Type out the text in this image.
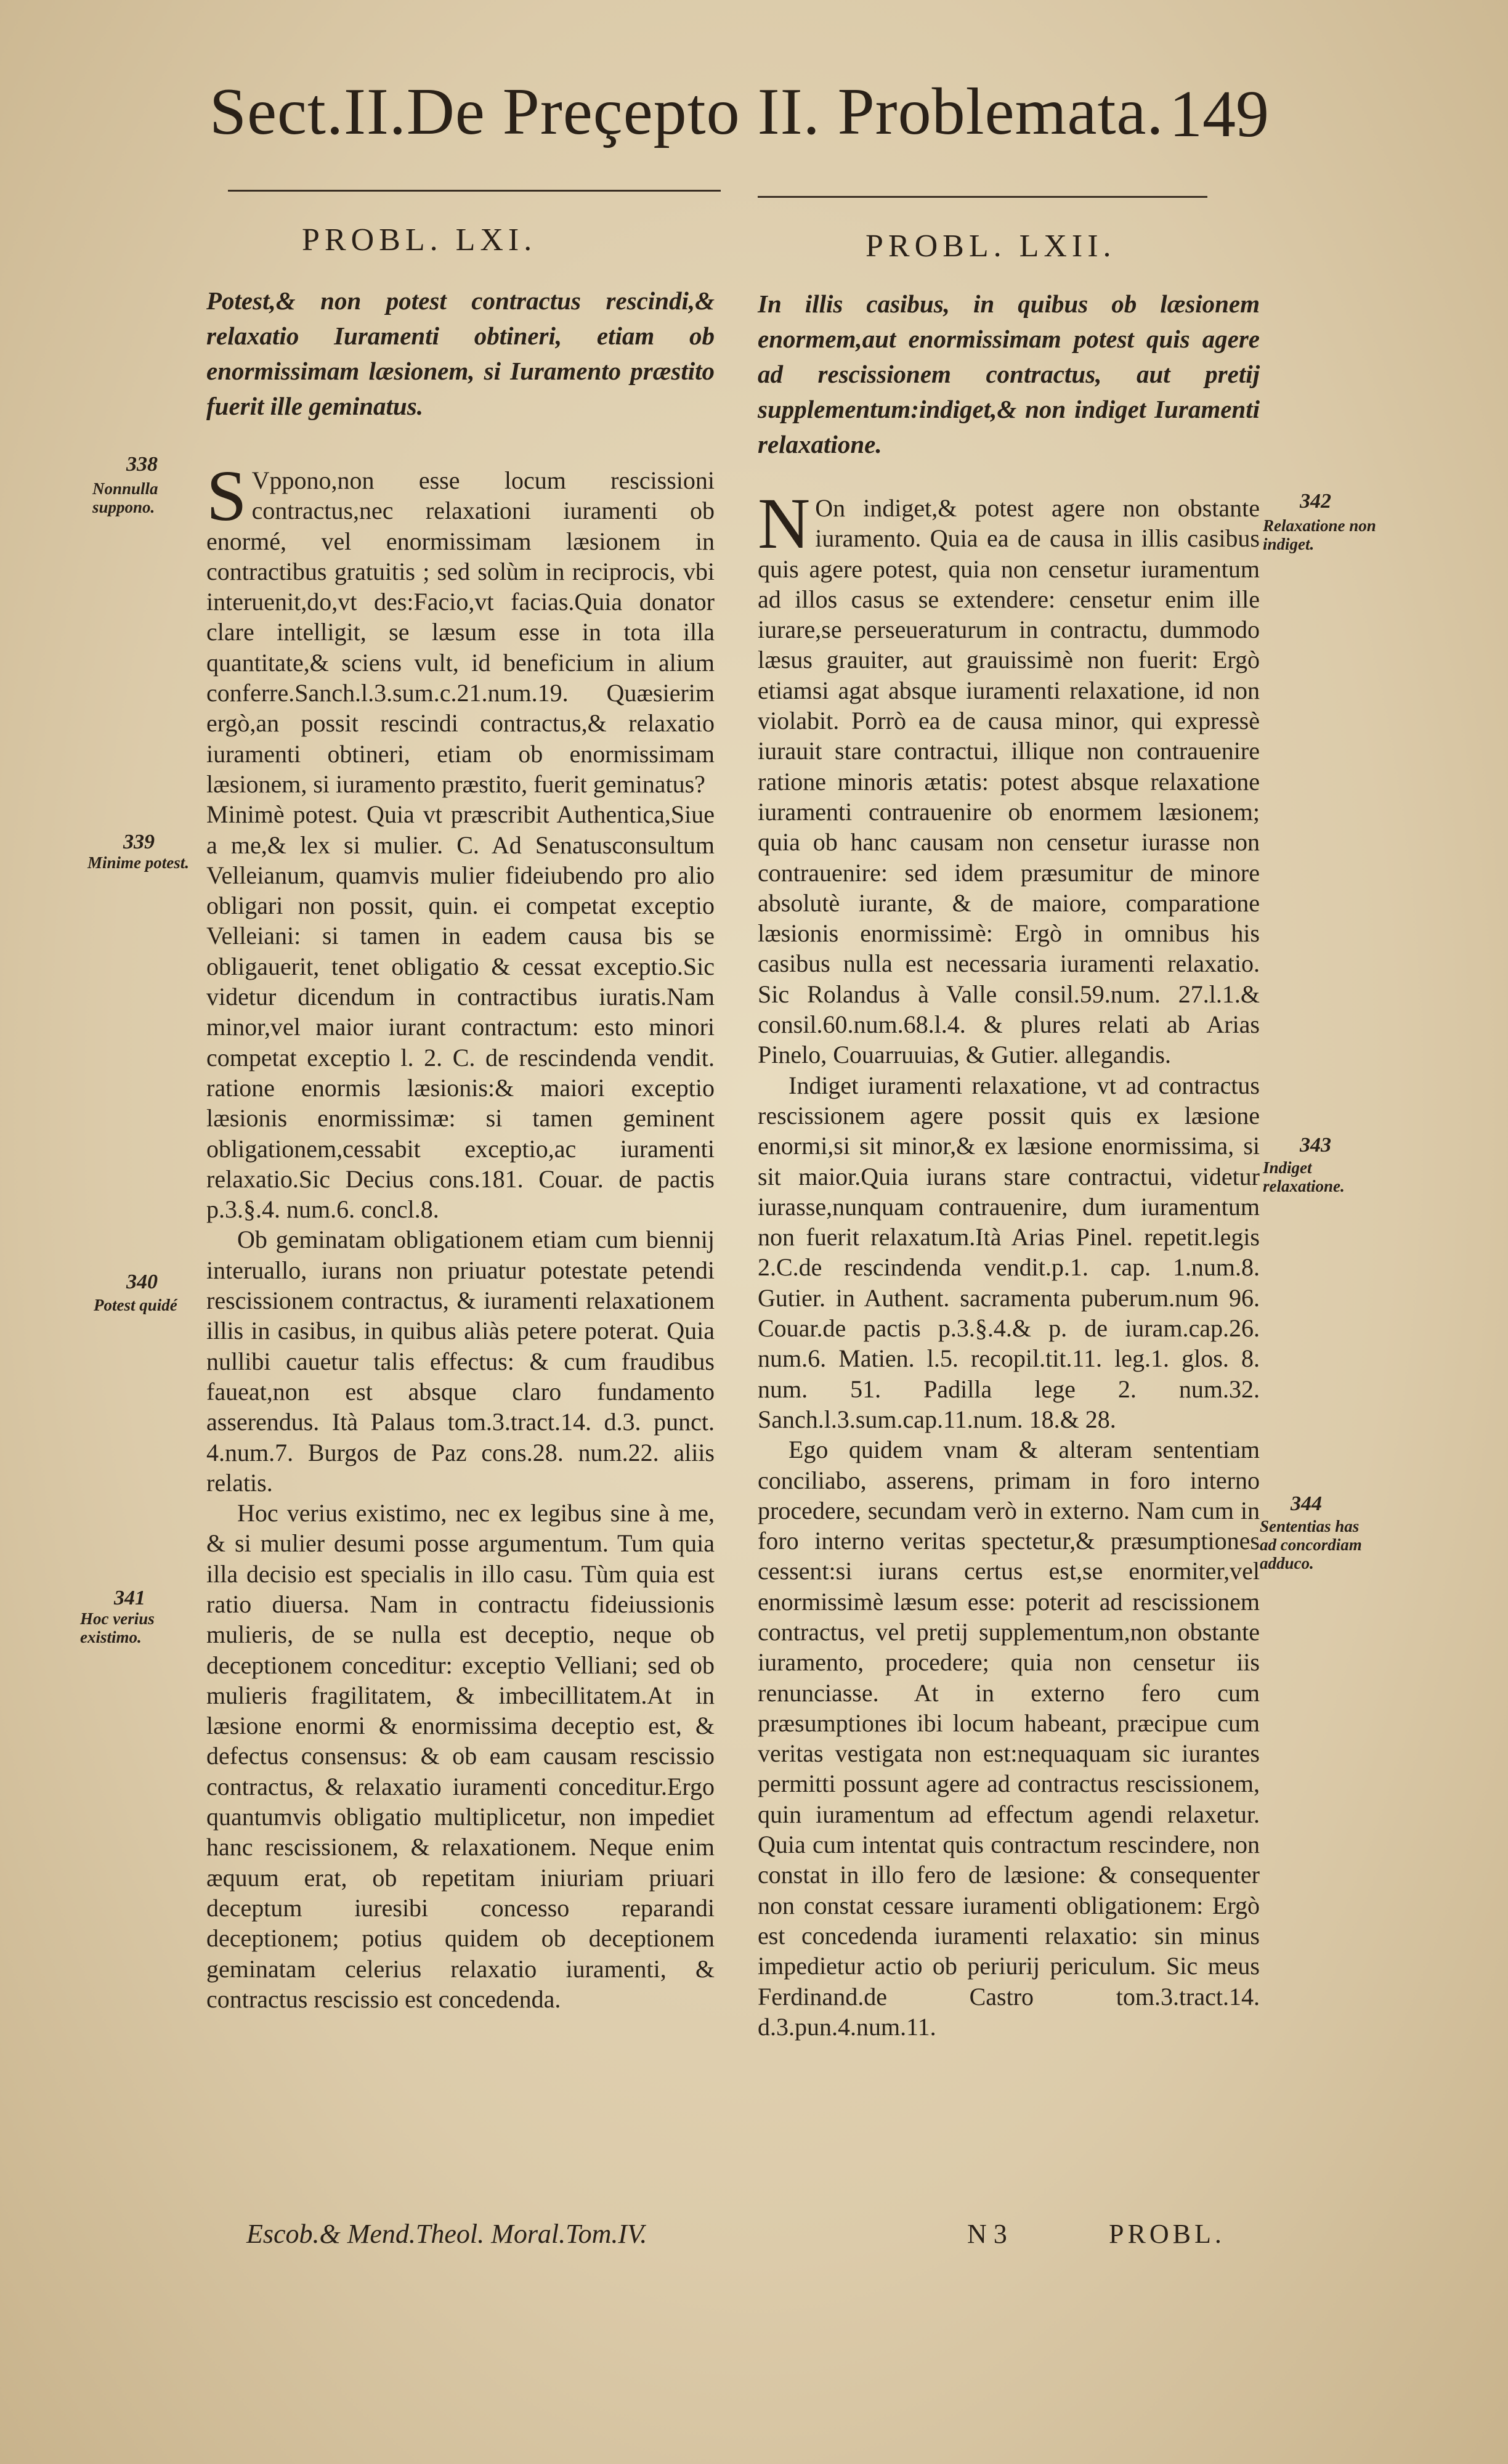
Sect.II.De Preçepto II. Problemata. 149
PROBL. LXI.
Potest,& non potest contractus rescindi,& relaxatio Iuramenti obtineri, etiam ob enormissimam læsionem, si Iuramento præstito fuerit ille geminatus.

S Vppono,non esse locum rescissioni contractus,nec relaxationi iuramenti ob enormé, vel enormissimam læsionem in contractibus gratuitis ; sed solùm in reciprocis, vbi interuenit,do,vt des:Facio,vt facias.Quia donator clare intelligit, se læsum esse in tota illa quantitate,& sciens vult, id beneficium in alium conferre.Sanch.l.3.sum.c.21.num.19. Quæsierim ergò,an possit rescindi contractus,& relaxatio iuramenti obtineri, etiam ob enormissimam læsionem, si iuramento præstito, fuerit geminatus?

Minimè potest. Quia vt præscribit Authentica,Siue a me,& lex si mulier. C. Ad Senatusconsultum Velleianum, quamvis mulier fideiubendo pro alio obligari non possit, quin. ei competat exceptio Velleiani: si tamen in eadem causa bis se obligauerit, tenet obligatio & cessat exceptio.Sic videtur dicendum in contractibus iuratis.Nam minor,vel maior iurant contractum: esto minori competat exceptio l. 2. C. de rescindenda vendit. ratione enormis læsionis:& maiori exceptio læsionis enormissimæ: si tamen geminent obligationem,cessabit exceptio,ac iuramenti relaxatio.Sic Decius cons.181. Couar. de pactis p.3.§.4. num.6. concl.8.

Ob geminatam obligationem etiam cum biennij interuallo, iurans non priuatur potestate petendi rescissionem contractus, & iuramenti relaxationem illis in casibus, in quibus aliàs petere poterat. Quia nullibi cauetur talis effectus: & cum fraudibus faueat,non est absque claro fundamento asserendus. Ità Palaus tom.3.tract.14. d.3. punct. 4.num.7. Burgos de Paz cons.28. num.22. aliis relatis.

Hoc verius existimo, nec ex legibus sine à me, & si mulier desumi posse argumentum. Tum quia illa decisio est specialis in illo casu. Tùm quia est ratio diuersa. Nam in contractu fideiussionis mulieris, de se nulla est deceptio, neque ob deceptionem conceditur: exceptio Velliani; sed ob mulieris fragilitatem, & imbecillitatem.At in læsione enormi & enormissima deceptio est, & defectus consensus: & ob eam causam rescissio contractus, & relaxatio iuramenti conceditur.Ergo quantumvis obligatio multiplicetur, non impediet hanc rescissionem, & relaxationem. Neque enim æquum erat, ob repetitam iniuriam priuari deceptum iuresibi concesso reparandi deceptionem; potius quidem ob deceptionem geminatam celerius relaxatio iuramenti, & contractus rescissio est concedenda.

338
Nonnulla suppono.
339
Minime potest.
340
Potest quidé
341
Hoc verius existimo.
PROBL. LXII.
In illis casibus, in quibus ob læsionem enormem,aut enormissimam potest quis agere ad rescissionem contractus, aut pretij supplementum:indiget,& non indiget Iuramenti relaxatione.

N On indiget,& potest agere non obstante iuramento. Quia ea de causa in illis casibus quis agere potest, quia non censetur iuramentum ad illos casus se extendere: censetur enim ille iurare,se perseueraturum in contractu, dummodo læsus grauiter, aut grauissimè non fuerit: Ergò etiamsi agat absque iuramenti relaxatione, id non violabit. Porrò ea de causa minor, qui expressè iurauit stare contractui, illique non contrauenire ratione minoris ætatis: potest absque relaxatione iuramenti contrauenire ob enormem læsionem; quia ob hanc causam non censetur iurasse non contrauenire: sed idem præsumitur de minore absolutè iurante, & de maiore, comparatione læsionis enormissimè: Ergò in omnibus his casibus nulla est necessaria iuramenti relaxatio. Sic Rolandus à Valle consil.59.num. 27.l.1.& consil.60.num.68.l.4. & plures relati ab Arias Pinelo, Couarruuias, & Gutier. allegandis.

Indiget iuramenti relaxatione, vt ad contractus rescissionem agere possit quis ex læsione enormi,si sit minor,& ex læsione enormissima, si sit maior.Quia iurans stare contractui, videtur iurasse,nunquam contrauenire, dum iuramentum non fuerit relaxatum.Ità Arias Pinel. repetit.legis 2.C.de rescindenda vendit.p.1. cap. 1.num.8. Gutier. in Authent. sacramenta puberum.num 96. Couar.de pactis p.3.§.4.& p. de iuram.cap.26. num.6. Matien. l.5. recopil.tit.11. leg.1. glos. 8. num. 51. Padilla lege 2. num.32. Sanch.l.3.sum.cap.11.num. 18.& 28.

Ego quidem vnam & alteram sententiam conciliabo, asserens, primam in foro interno procedere, secundam verò in externo. Nam cum in foro interno veritas spectetur,& præsumptiones cessent:si iurans certus est,se enormiter,vel enormissimè læsum esse: poterit ad rescissionem contractus, vel pretij supplementum,non obstante iuramento, procedere; quia non censetur iis renunciasse. At in externo fero cum præsumptiones ibi locum habeant, præcipue cum veritas vestigata non est:nequaquam sic iurantes permitti possunt agere ad contractus rescissionem, quin iuramentum ad effectum agendi relaxetur. Quia cum intentat quis contractum rescindere, non constat in illo fero de læsione: & consequenter non constat cessare iuramenti obligationem: Ergò est concedenda iuramenti relaxatio: sin minus impedietur actio ob periurij periculum. Sic meus Ferdinand.de Castro tom.3.tract.14. d.3.pun.4.num.11.

342
Relaxatione non indiget.
343
Indiget relaxatione.
344
Sententias has ad concordiam adduco.
Escob.& Mend.Theol. Moral.Tom.IV.	N 3	PROBL.
